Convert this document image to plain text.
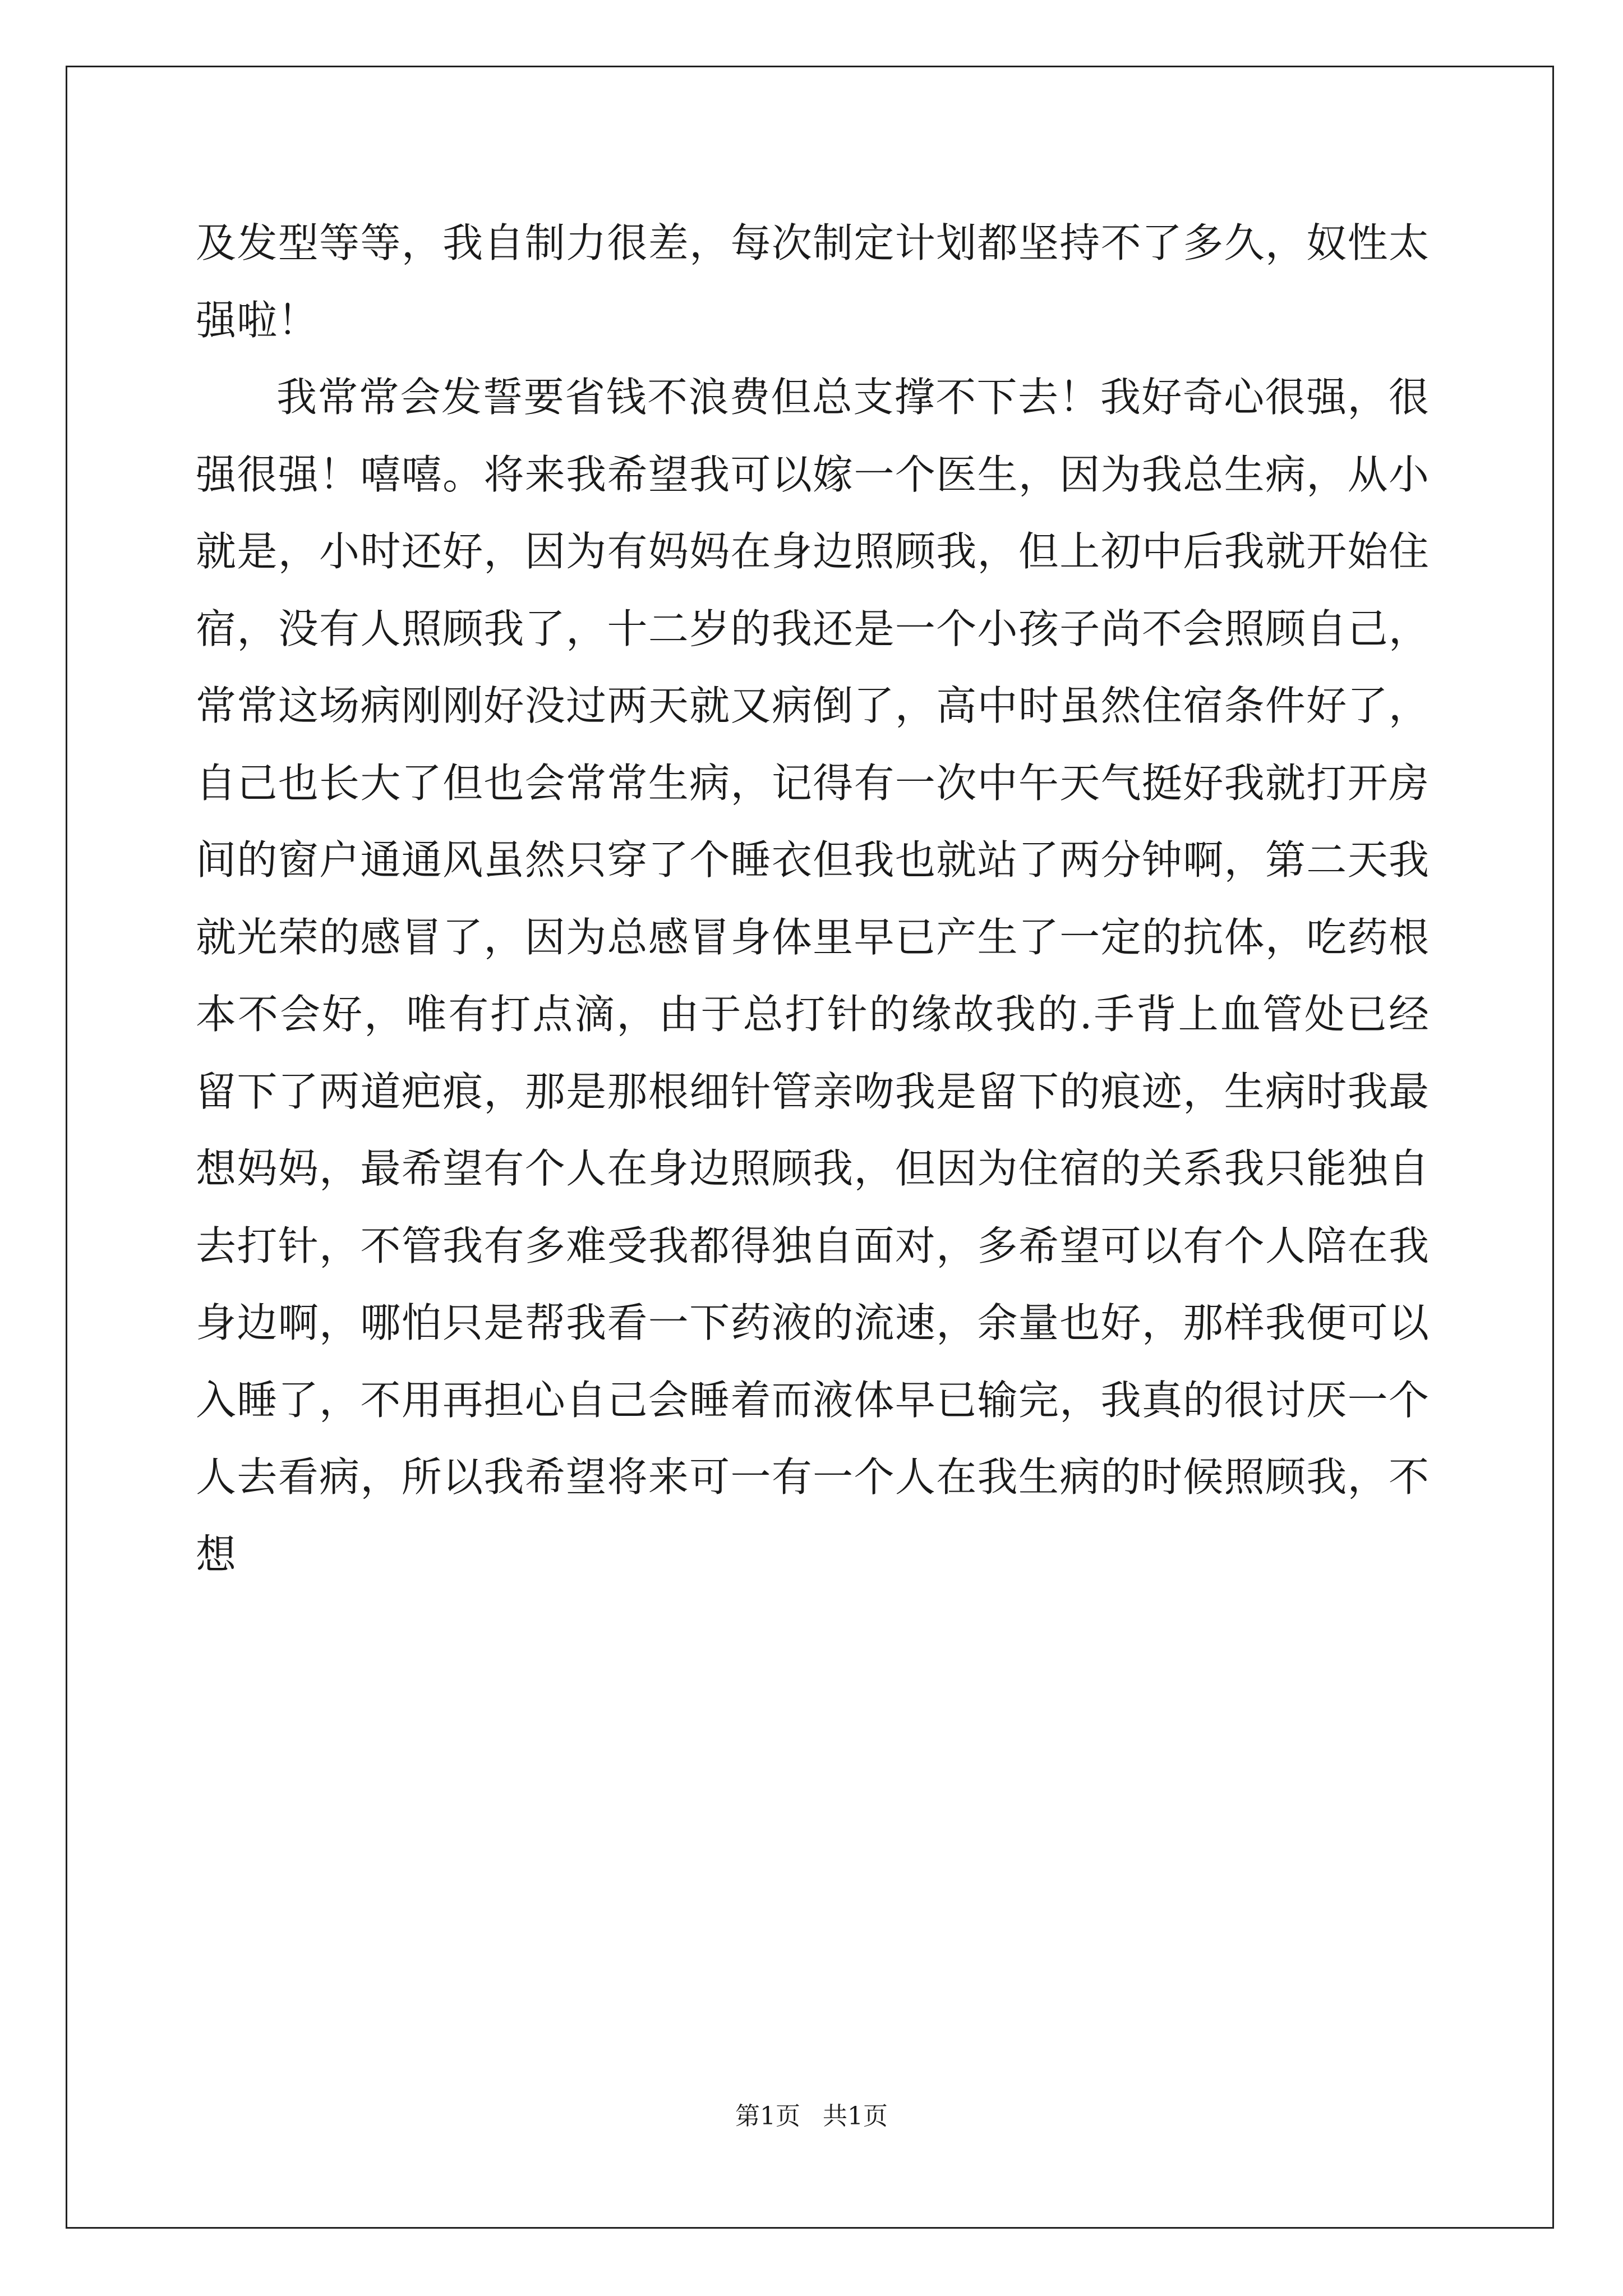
及发型等等，我自制力很差，每次制定计划都坚持不了多久，奴性太强啦！

我常常会发誓要省钱不浪费但总支撑不下去！我好奇心很强，很强很强！嘻嘻。将来我希望我可以嫁一个医生，因为我总生病，从小就是，小时还好，因为有妈妈在身边照顾我，但上初中后我就开始住宿，没有人照顾我了，十二岁的我还是一个小孩子尚不会照顾自己，常常这场病刚刚好没过两天就又病倒了，高中时虽然住宿条件好了，自己也长大了但也会常常生病，记得有一次中午天气挺好我就打开房间的窗户通通风虽然只穿了个睡衣但我也就站了两分钟啊，第二天我就光荣的感冒了，因为总感冒身体里早已产生了一定的抗体，吃药根本不会好，唯有打点滴，由于总打针的缘故我的.手背上血管处已经留下了两道疤痕，那是那根细针管亲吻我是留下的痕迹，生病时我最想妈妈，最希望有个人在身边照顾我，但因为住宿的关系我只能独自去打针，不管我有多难受我都得独自面对，多希望可以有个人陪在我身边啊，哪怕只是帮我看一下药液的流速，余量也好，那样我便可以入睡了，不用再担心自己会睡着而液体早已输完，我真的很讨厌一个人去看病，所以我希望将来可一有一个人在我生病的时候照顾我，不想

第1页 共1页
